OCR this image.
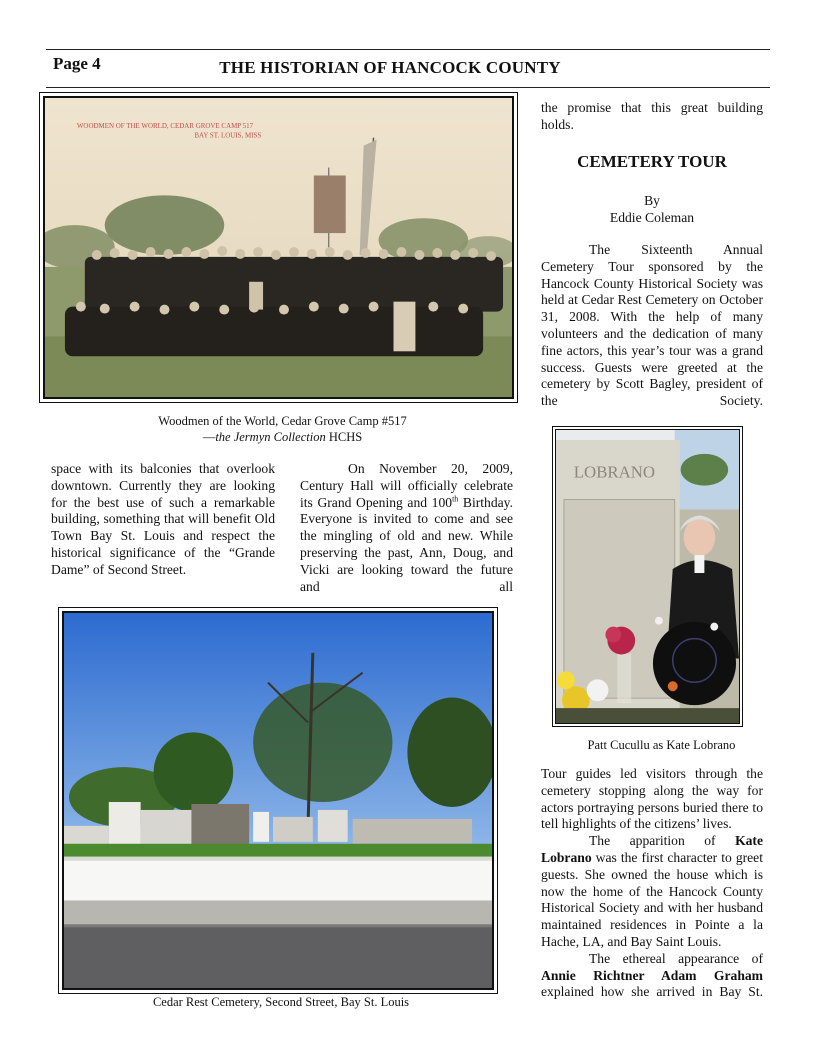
Page 4	THE HISTORIAN OF HANCOCK COUNTY
WOODMEN OF THE WORLD, CEDAR GROVE CAMP 517
BAY ST. LOUIS, MISS
Woodmen of the World, Cedar Grove Camp #517
—the Jermyn Collection HCHS

space with its balconies that overlook downtown. Currently they are looking for the best use of such a remarkable building, something that will benefit Old Town Bay St. Louis and respect the historical significance of the “Grande Dame” of Second Street.

On November 20, 2009, Century Hall will officially celebrate its Grand Opening and 100th Birthday. Everyone is invited to come and see the mingling of old and new. While preserving the past, Ann, Doug, and Vicki are looking toward the future and all

the promise that this great building holds.

CEMETERY TOUR
By
Eddie Coleman

The Sixteenth Annual Cemetery Tour sponsored by the Hancock County Historical Society was held at Cedar Rest Cemetery on October 31, 2008. With the help of many volunteers and the dedication of many fine actors, this year’s tour was a grand success. Guests were greeted at the cemetery by Scott Bagley, president of the Society.

LOBRANO
Patt Cucullu as Kate Lobrano

Tour guides led visitors through the cemetery stopping along the way for actors portraying persons buried there to tell highlights of the citizens’ lives.

The apparition of Kate Lobrano was the first character to greet guests. She owned the house which is now the home of the Hancock County Historical Society and with her husband maintained residences in Pointe a la Hache, LA, and Bay Saint Louis.

The ethereal appearance of Annie Richtner Adam Graham explained how she arrived in Bay St.

Cedar Rest Cemetery, Second Street, Bay St. Louis
